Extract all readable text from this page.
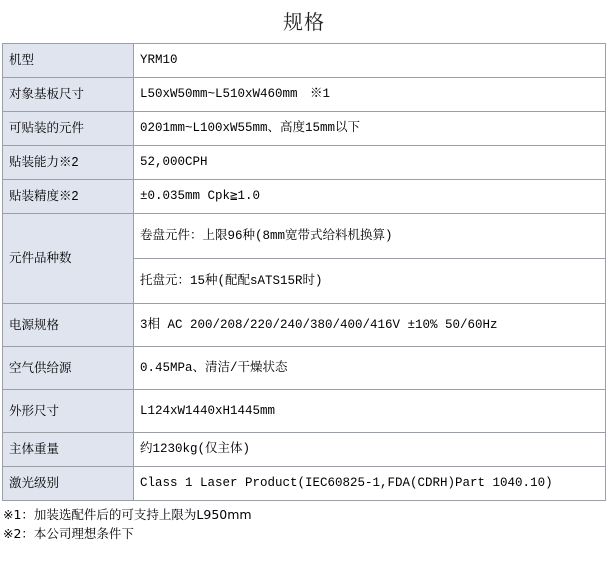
规格
机型	YRM10
对象基板尺寸	L50xW50mm~L510xW460mm　※1
可贴装的元件	0201mm~L100xW55mm、高度15mm以下
贴装能力※2	52,000CPH
贴装精度※2	±0.035mm Cpk≧1.0
元件品种数	卷盘元件：上限96种(8mm宽带式给料机换算)
	托盘元：15种(配配sATS15R时)
电源规格	3相 AC 200/208/220/240/380/400/416V ±10% 50/60Hz
空气供给源	0.45MPa、清洁/干燥状态
外形尺寸	L124xW1440xH1445mm
主体重量	约1230kg(仅主体)
激光级别	Class 1 Laser Product(IEC60825-1,FDA(CDRH)Part 1040.10)
※1：加装选配件后的可支持上限为L950mm
※2：本公司理想条件下
